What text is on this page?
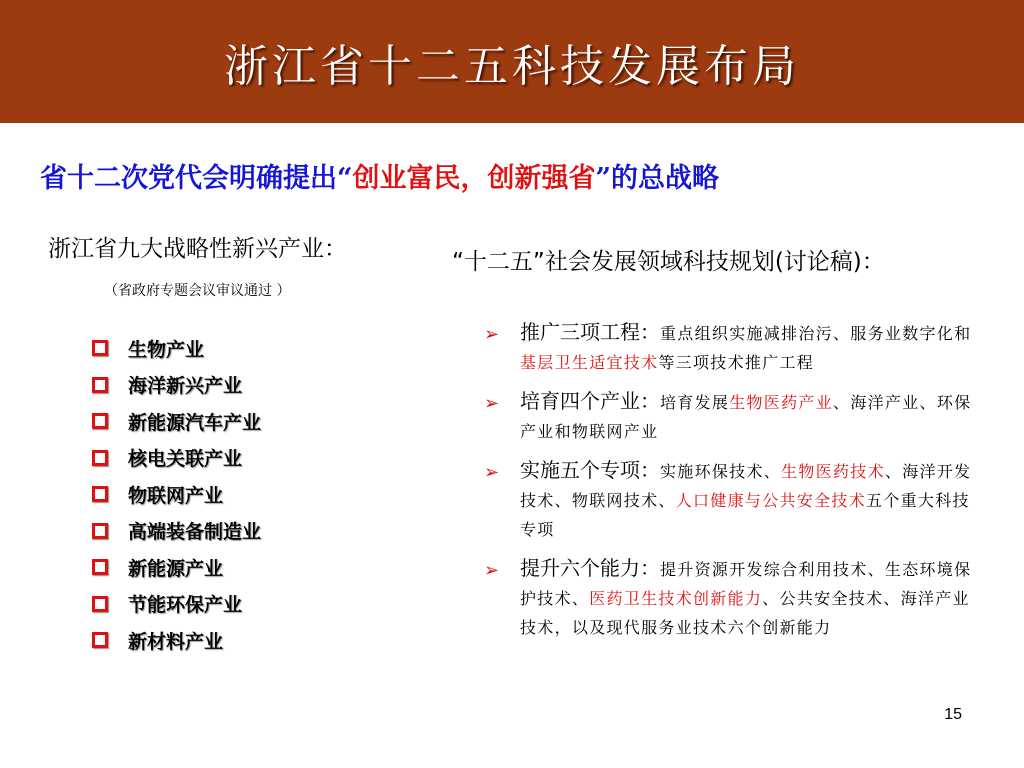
浙江省十二五科技发展布局
省十二次党代会明确提出“创业富民，创新强省”的总战略
浙江省九大战略性新兴产业：
（省政府专题会议审议通过 ）
生物产业
海洋新兴产业
新能源汽车产业
核电关联产业
物联网产业
高端装备制造业
新能源产业
节能环保产业
新材料产业
“十二五”社会发展领域科技规划(讨论稿)：
➢ 推广三项工程：重点组织实施减排治污、服务业数字化和基层卫生适宜技术等三项技术推广工程
➢ 培育四个产业：培育发展生物医药产业、海洋产业、环保产业和物联网产业
➢ 实施五个专项：实施环保技术、生物医药技术、海洋开发技术、物联网技术、人口健康与公共安全技术五个重大科技专项
➢ 提升六个能力：提升资源开发综合利用技术、生态环境保护技术、医药卫生技术创新能力、公共安全技术、海洋产业技术，以及现代服务业技术六个创新能力
15
